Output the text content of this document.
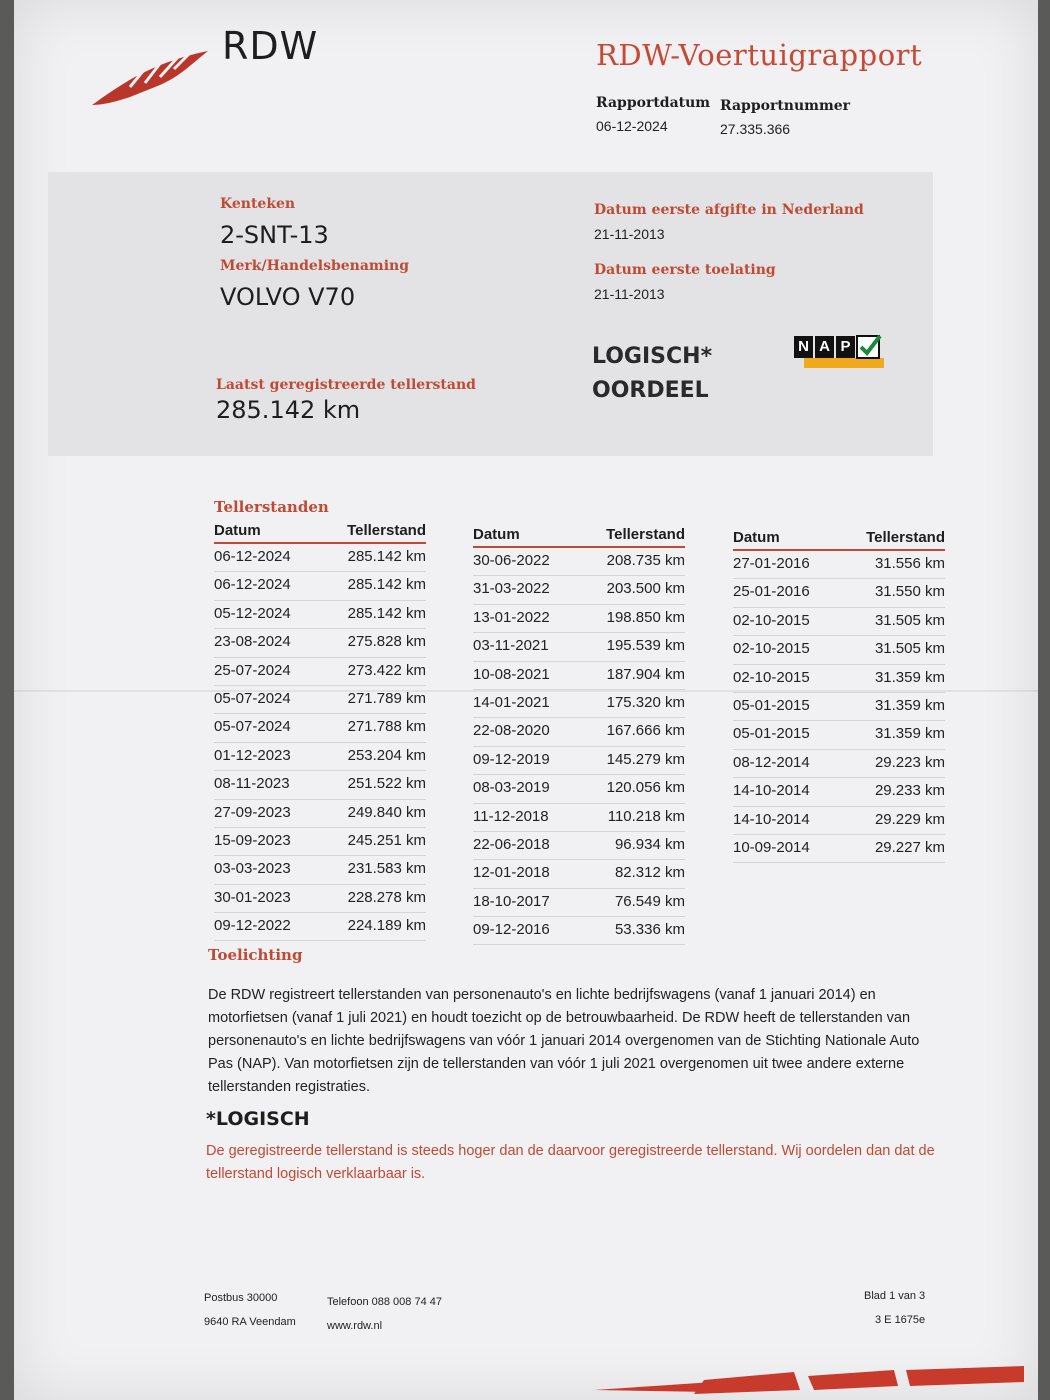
RDW	RDW-Voertuigrapport
Rapportdatum
06-12-2024
Rapportnummer
27.335.366
Kenteken
2-SNT-13
Merk/Handelsbenaming
VOLVO V70
Datum eerste afgifte in Nederland
21-11-2013
Datum eerste toelating
21-11-2013
LOGISCH*
OORDEEL
N A P
Laatst geregistreerde tellerstand
285.142 km
Tellerstanden
Datum	Tellerstand
06-12-2024	285.142 km
06-12-2024	285.142 km
05-12-2024	285.142 km
23-08-2024	275.828 km
25-07-2024	273.422 km
05-07-2024	271.789 km
05-07-2024	271.788 km
01-12-2023	253.204 km
08-11-2023	251.522 km
27-09-2023	249.840 km
15-09-2023	245.251 km
03-03-2023	231.583 km
30-01-2023	228.278 km
09-12-2022	224.189 km
Datum	Tellerstand
30-06-2022	208.735 km
31-03-2022	203.500 km
13-01-2022	198.850 km
03-11-2021	195.539 km
10-08-2021	187.904 km
14-01-2021	175.320 km
22-08-2020	167.666 km
09-12-2019	145.279 km
08-03-2019	120.056 km
11-12-2018	110.218 km
22-06-2018	96.934 km
12-01-2018	82.312 km
18-10-2017	76.549 km
09-12-2016	53.336 km
Datum	Tellerstand
27-01-2016	31.556 km
25-01-2016	31.550 km
02-10-2015	31.505 km
02-10-2015	31.505 km
02-10-2015	31.359 km
05-01-2015	31.359 km
05-01-2015	31.359 km
08-12-2014	29.223 km
14-10-2014	29.233 km
14-10-2014	29.229 km
10-09-2014	29.227 km
Toelichting
De RDW registreert tellerstanden van personenauto's en lichte bedrijfswagens (vanaf 1 januari 2014) en motorfietsen (vanaf 1 juli 2021) en houdt toezicht op de betrouwbaarheid. De RDW heeft de tellerstanden van personenauto's en lichte bedrijfswagens van vóór 1 januari 2014 overgenomen van de Stichting Nationale Auto Pas (NAP). Van motorfietsen zijn de tellerstanden van vóór 1 juli 2021 overgenomen uit twee andere externe tellerstanden registraties.
*LOGISCH
De geregistreerde tellerstand is steeds hoger dan de daarvoor geregistreerde tellerstand. Wij oordelen dan dat de tellerstand logisch verklaarbaar is.
Postbus 30000
9640 RA Veendam
Telefoon 088 008 74 47
www.rdw.nl
Blad 1 van 3
3 E 1675e
